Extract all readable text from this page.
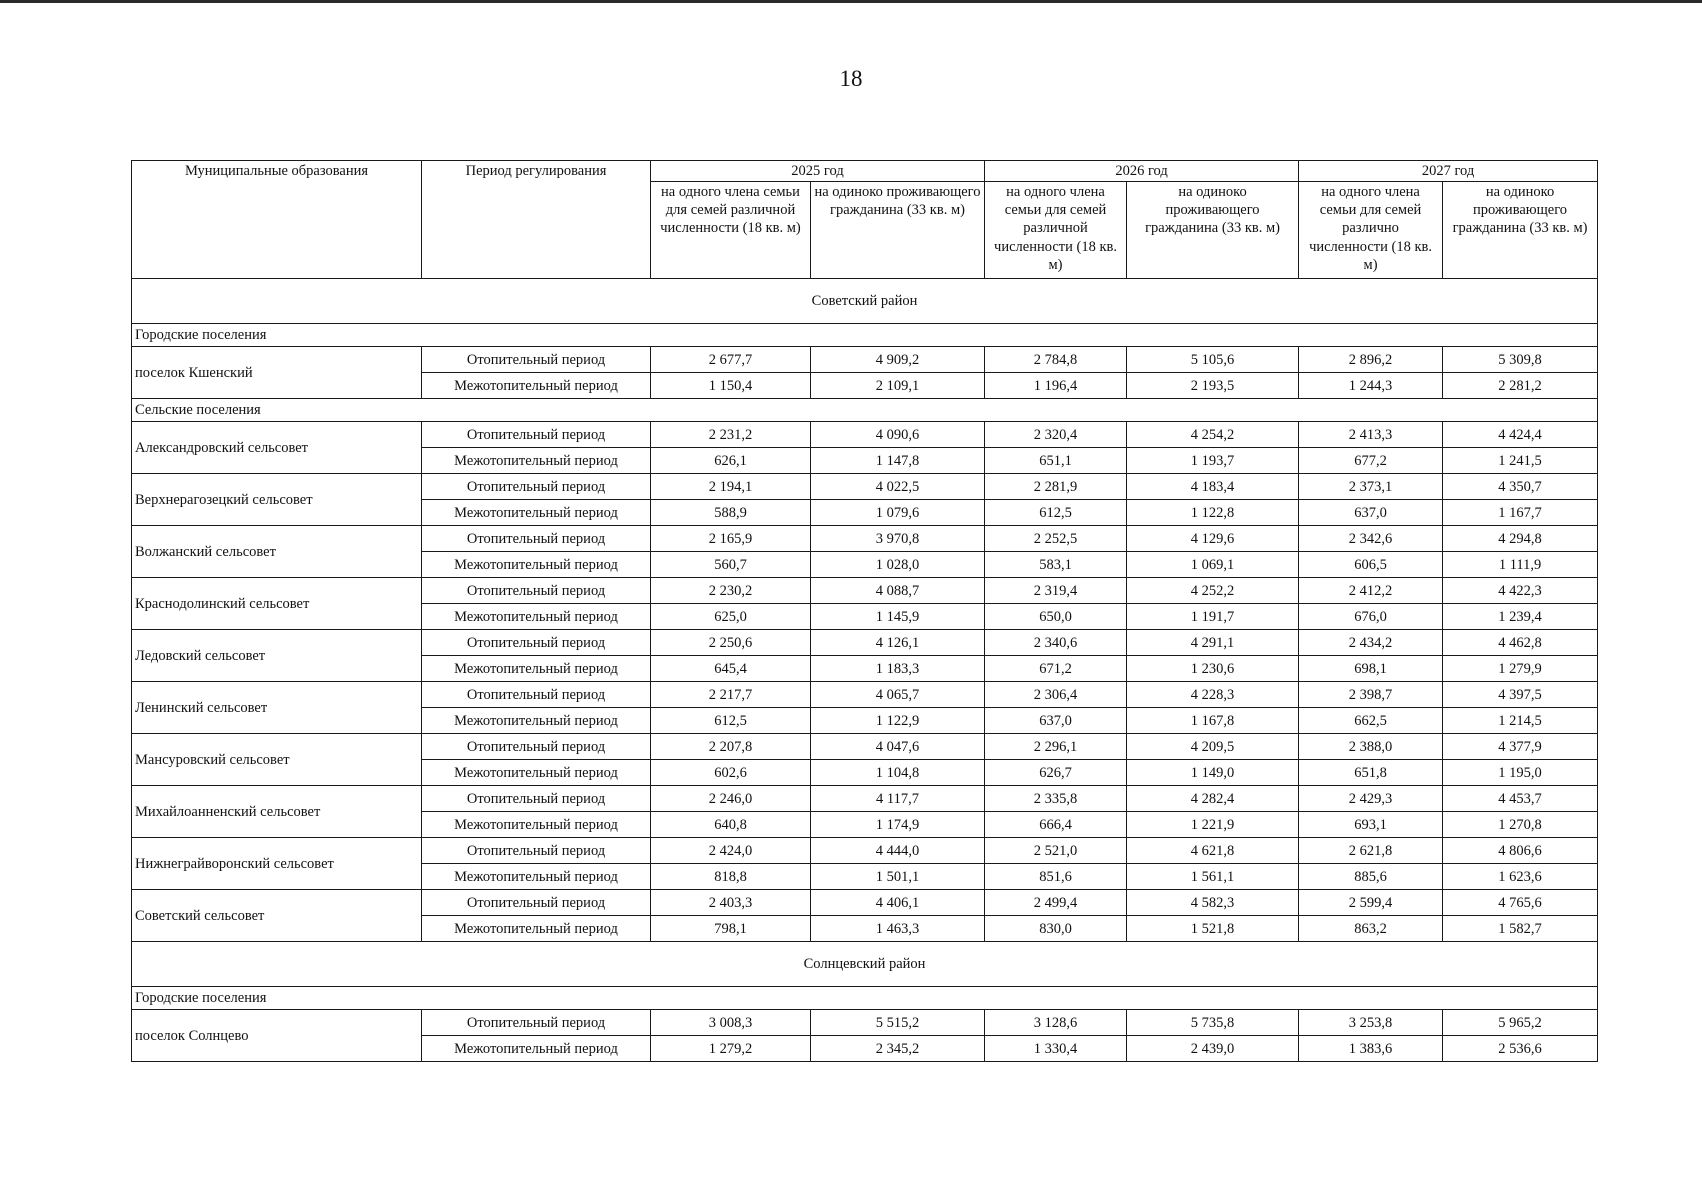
18
Муниципальные образования	Период регулирования	2025 год		2026 год		2027 год	
		на одного члена семьи для семей различной численности (18 кв. м)	на одиноко проживающего гражданина (33 кв. м)	на одного члена семьи для семей различной численности (18 кв. м)	на одиноко проживающего гражданина (33 кв. м)	на одного члена семьи для семей различно численности (18 кв. м)	на одиноко проживающего гражданина (33 кв. м)
Советский район							
Городские поселения							
поселок Кшенский	Отопительный период	2 677,7	4 909,2	2 784,8	5 105,6	2 896,2	5 309,8
	Межотопительный период	1 150,4	2 109,1	1 196,4	2 193,5	1 244,3	2 281,2
Сельские поселения							
Александровский сельсовет	Отопительный период	2 231,2	4 090,6	2 320,4	4 254,2	2 413,3	4 424,4
	Межотопительный период	626,1	1 147,8	651,1	1 193,7	677,2	1 241,5
Верхнерагозецкий сельсовет	Отопительный период	2 194,1	4 022,5	2 281,9	4 183,4	2 373,1	4 350,7
	Межотопительный период	588,9	1 079,6	612,5	1 122,8	637,0	1 167,7
Волжанский сельсовет	Отопительный период	2 165,9	3 970,8	2 252,5	4 129,6	2 342,6	4 294,8
	Межотопительный период	560,7	1 028,0	583,1	1 069,1	606,5	1 111,9
Краснодолинский сельсовет	Отопительный период	2 230,2	4 088,7	2 319,4	4 252,2	2 412,2	4 422,3
	Межотопительный период	625,0	1 145,9	650,0	1 191,7	676,0	1 239,4
Ледовский сельсовет	Отопительный период	2 250,6	4 126,1	2 340,6	4 291,1	2 434,2	4 462,8
	Межотопительный период	645,4	1 183,3	671,2	1 230,6	698,1	1 279,9
Ленинский сельсовет	Отопительный период	2 217,7	4 065,7	2 306,4	4 228,3	2 398,7	4 397,5
	Межотопительный период	612,5	1 122,9	637,0	1 167,8	662,5	1 214,5
Мансуровский сельсовет	Отопительный период	2 207,8	4 047,6	2 296,1	4 209,5	2 388,0	4 377,9
	Межотопительный период	602,6	1 104,8	626,7	1 149,0	651,8	1 195,0
Михайлоанненский сельсовет	Отопительный период	2 246,0	4 117,7	2 335,8	4 282,4	2 429,3	4 453,7
	Межотопительный период	640,8	1 174,9	666,4	1 221,9	693,1	1 270,8
Нижнеграйворонский сельсовет	Отопительный период	2 424,0	4 444,0	2 521,0	4 621,8	2 621,8	4 806,6
	Межотопительный период	818,8	1 501,1	851,6	1 561,1	885,6	1 623,6
Советский сельсовет	Отопительный период	2 403,3	4 406,1	2 499,4	4 582,3	2 599,4	4 765,6
	Межотопительный период	798,1	1 463,3	830,0	1 521,8	863,2	1 582,7
Солнцевский район							
Городские поселения							
поселок Солнцево	Отопительный период	3 008,3	5 515,2	3 128,6	5 735,8	3 253,8	5 965,2
	Межотопительный период	1 279,2	2 345,2	1 330,4	2 439,0	1 383,6	2 536,6
